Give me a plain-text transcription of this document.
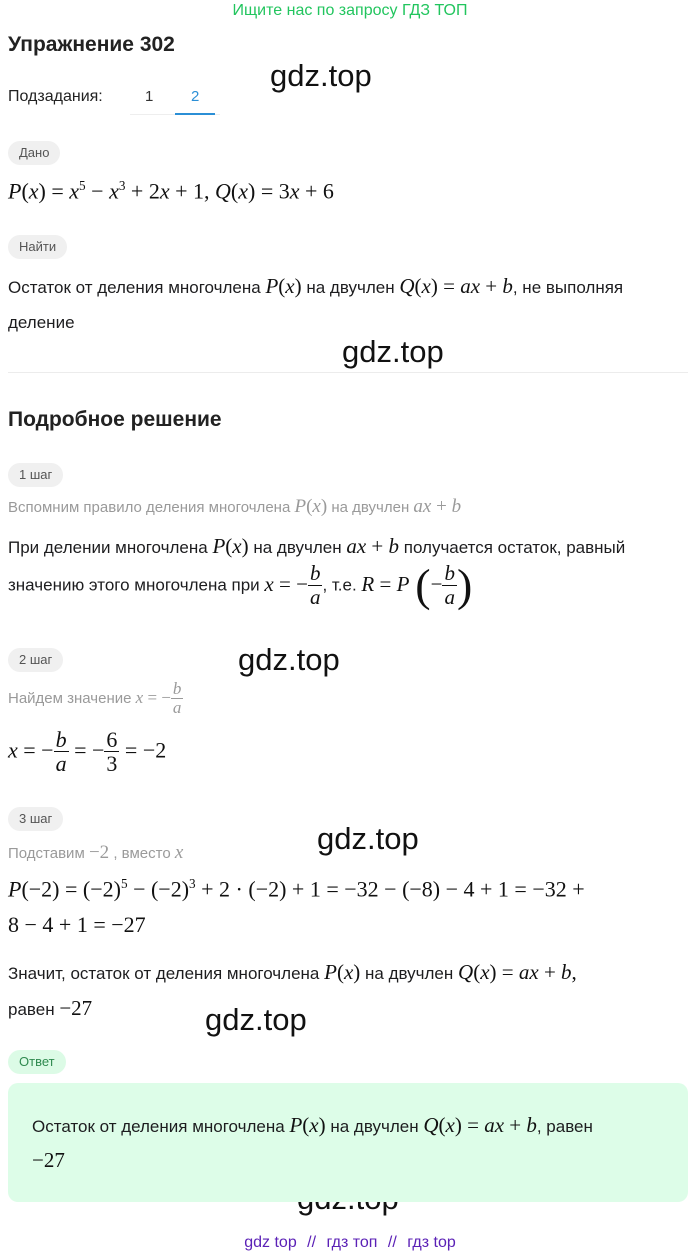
Ищите нас по запросу ГДЗ ТОП
Упражнение 302
gdz.top
gdz.top
gdz.top
gdz.top
gdz.top
Подзадания:	1	2
Дано
$P(x) = x^5 - x^3 + 2x + 1$, Q(x) = 3x + 6
Найти
Остаток от деления многочлена P(x) на двучлен Q(x) = ax + b, не выполняя
деление
Подробное решение
1 шаг
Вспомним правило деления многочлена P(x) на двучлен ax + b
При делении многочлена P(x) на двучлен ax + b получается остаток, равный
значению этого многочлена при x = − $\frac{b}{a}$ , т.е. R = P (− $\frac{b}{a}$ )
2 шаг
Найдем значение x = − $\frac{b}{a}$
x = − $\frac{b}{a}$ = − $\frac{6}{3} = -2$
3 шаг
Подставим −2 , вместо x
$P(-2) = (-2)^5 - (-2)^3 + 2 \cdot (-2) + 1 = -32 - (-8) - 4 + 1 = -32$ +
8 − 4 + 1 = −27
Значит, остаток от деления многочлена P(x) на двучлен Q(x) = ax + b,
равен −27
Ответ
Остаток от деления многочлена P(x) на двучлен Q(x) = ax + b, равен
−27
gdz top // гдз топ // гдз top
